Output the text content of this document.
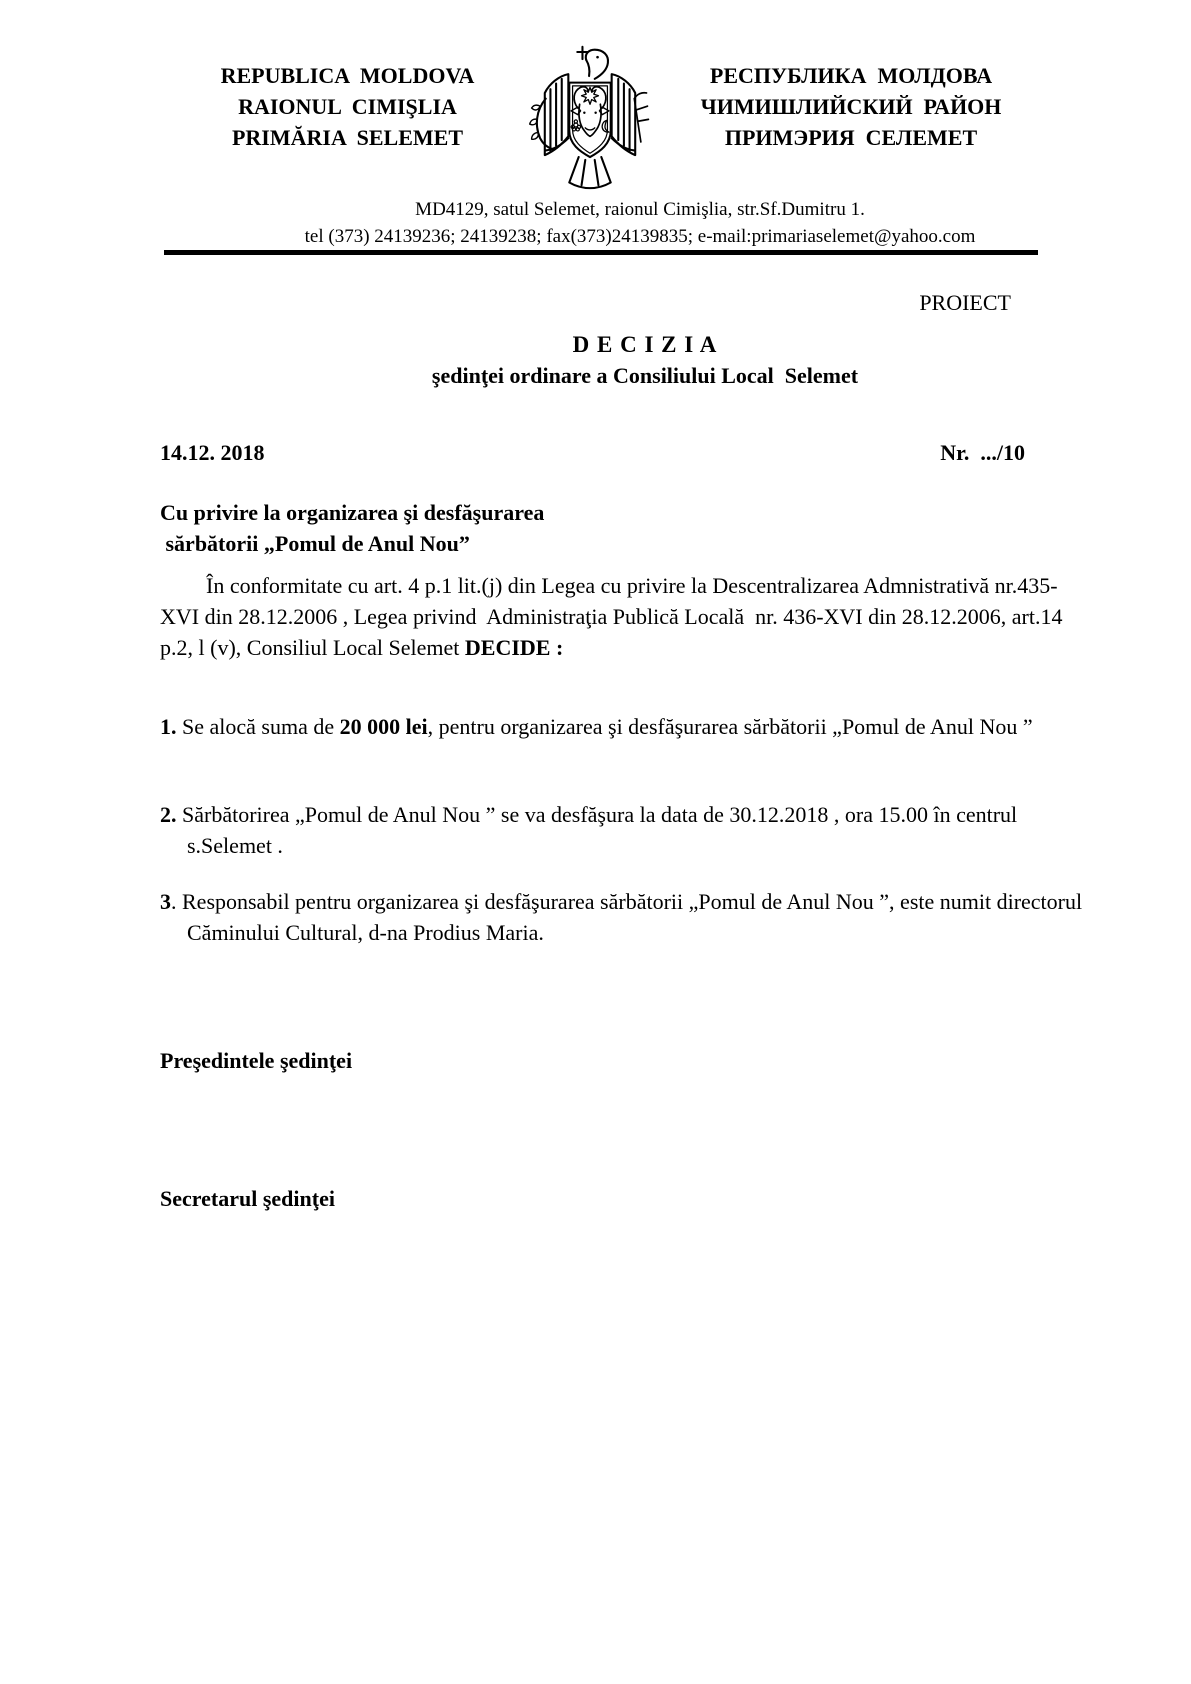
REPUBLICA  MOLDOVA
RAIONUL  CIMIŞLIA
PRIMĂRIA  SELEMET
РЕСПУБЛИКА  МОЛДОВА
ЧИМИШЛИЙСКИЙ  РАЙОН
ПРИМЭРИЯ  СЕЛЕМЕТ
MD4129, satul Selemet, raionul Cimişlia, str.Sf.Dumitru 1.
tel (373) 24139236; 24139238; fax(373)24139835; e-mail:primariaselemet@yahoo.com
PROIECT
D E C I Z I A
şedinţei ordinare a Consiliului Local  Selemet
14.12. 2018	Nr.  .../10
Cu privire la organizarea şi desfăşurarea
sărbătorii „Pomul de Anul Nou”

În conformitate cu art. 4 p.1 lit.(j) din Legea cu privire la Descentralizarea Admnistrativă nr.435-XVI din 28.12.2006 , Legea privind  Administraţia Publică Locală  nr. 436-XVI din 28.12.2006, art.14 p.2, l (v), Consiliul Local Selemet DECIDE :

1. Se alocă suma de 20 000 lei, pentru organizarea şi desfăşurarea sărbătorii „Pomul de Anul Nou ”

2. Sărbătorirea „Pomul de Anul Nou ” se va desfăşura la data de 30.12.2018 , ora 15.00 în centrul s.Selemet .

3. Responsabil pentru organizarea şi desfăşurarea sărbătorii „Pomul de Anul Nou ”, este numit directorul Căminului Cultural, d-na Prodius Maria.

Preşedintele şedinţei
Secretarul şedinţei
